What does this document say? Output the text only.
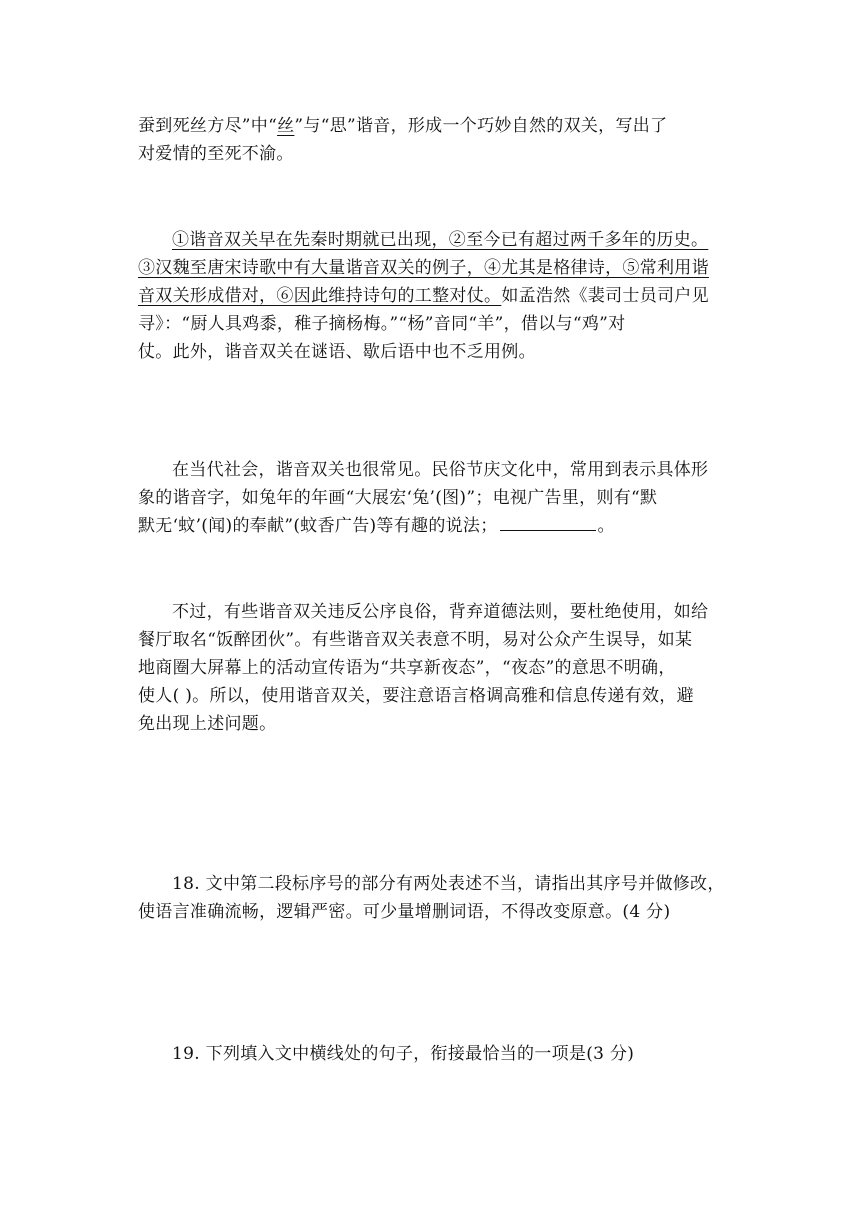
蚕到死丝方尽”中“丝”与“思”谐音，形成一个巧妙自然的双关，写出了
对爱情的至死不渝。
①谐音双关早在先秦时期就已出现，②至今已有超过两千多年的历史。
③汉魏至唐宋诗歌中有大量谐音双关的例子，④尤其是格律诗，⑤常利用谐
音双关形成借对，⑥因此维持诗句的工整对仗。如孟浩然《裴司士员司户见
寻》：“厨人具鸡黍，稚子摘杨梅。”“杨”音同“羊”，借以与“鸡”对
仗。此外，谐音双关在谜语、歇后语中也不乏用例。
在当代社会，谐音双关也很常见。民俗节庆文化中，常用到表示具体形
象的谐音字，如兔年的年画“大展宏‘兔’(图)”；电视广告里，则有“默
默无‘蚊’(闻)的奉献”(蚊香广告)等有趣的说法；	。
不过，有些谐音双关违反公序良俗，背弃道德法则，要杜绝使用，如给
餐厅取名“饭醉团伙”。有些谐音双关表意不明，易对公众产生误导，如某
地商圈大屏幕上的活动宣传语为“共享新夜态”，“夜态”的意思不明确，
使人( )。所以，使用谐音双关，要注意语言格调高雅和信息传递有效，避
免出现上述问题。
18. 文中第二段标序号的部分有两处表述不当，请指出其序号并做修改，
使语言准确流畅，逻辑严密。可少量增删词语，不得改变原意。(4 分)
19. 下列填入文中横线处的句子，衔接最恰当的一项是(3 分)
